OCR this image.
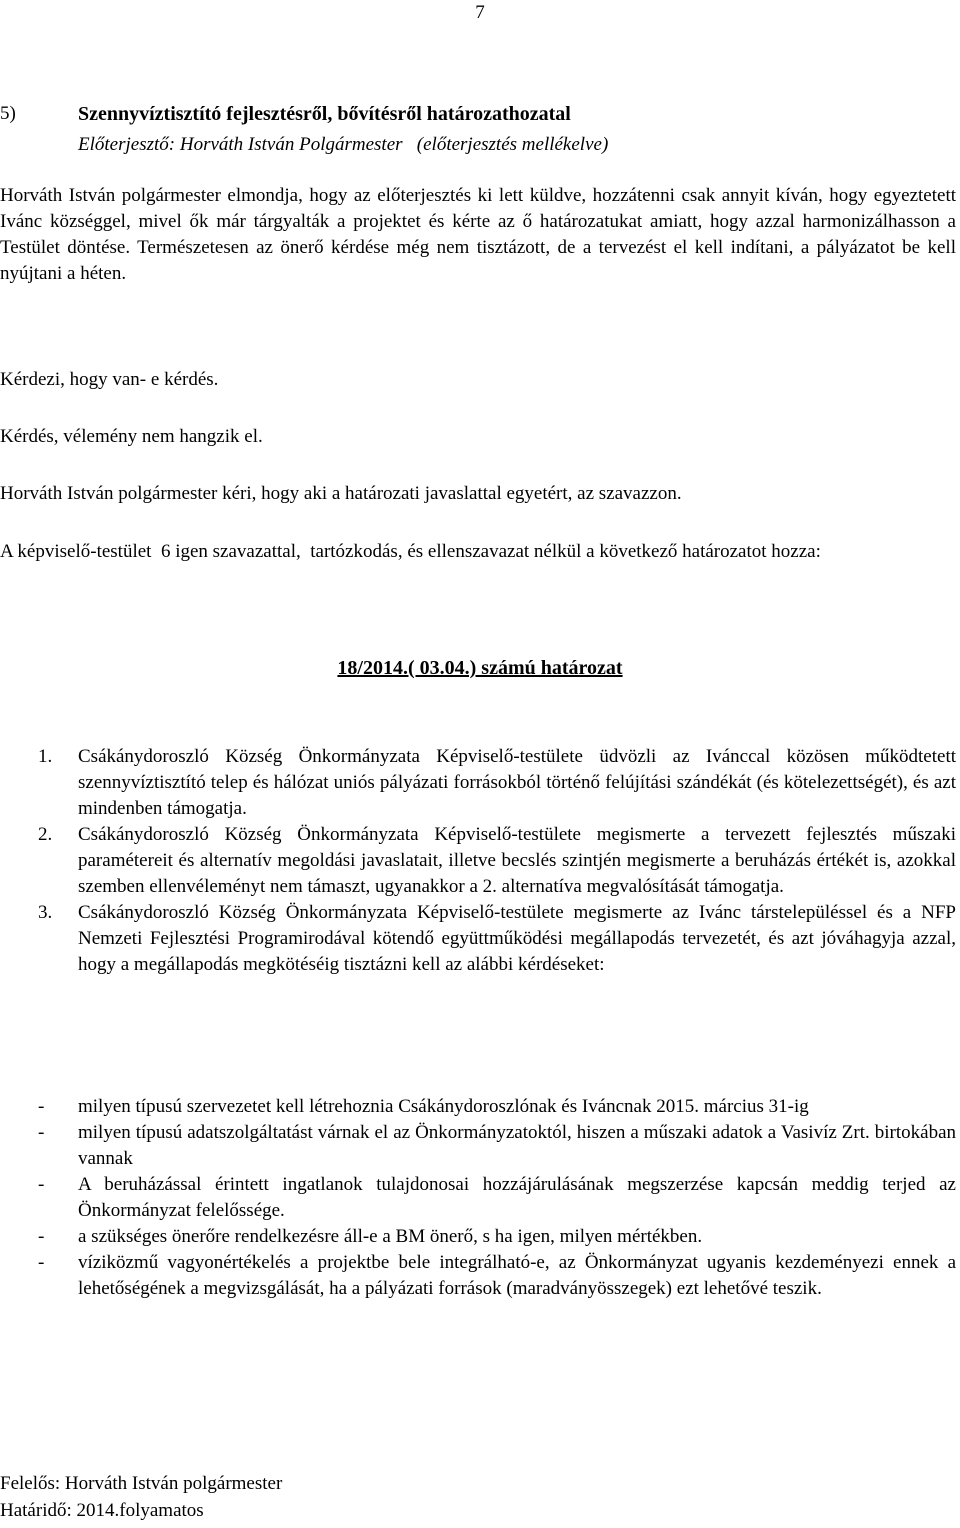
7
5)	Szennyvíztisztító fejlesztésről, bővítésről határozathozatal
Előterjesztő: Horváth István Polgármester   (előterjesztés mellékelve)
Horváth István polgármester elmondja, hogy az előterjesztés ki lett küldve, hozzátenni csak annyit kíván, hogy egyeztetett Ivánc községgel, mivel ők már tárgyalták a projektet és kérte az ő határozatukat amiatt, hogy azzal harmonizálhasson a Testület döntése. Természetesen az önerő kérdése még nem tisztázott, de a tervezést el kell indítani, a pályázatot be kell nyújtani a héten.
Kérdezi, hogy van- e kérdés.
Kérdés, vélemény nem hangzik el.
Horváth István polgármester kéri, hogy aki a határozati javaslattal egyetért, az szavazzon.
A képviselő-testület  6 igen szavazattal,  tartózkodás, és ellenszavazat nélkül a következő határozatot hozza:
18/2014.( 03.04.) számú határozat
1. Csákánydoroszló Község Önkormányzata Képviselő-testülete üdvözli az Ivánccal közösen működtetett szennyvíztisztító telep és hálózat uniós pályázati forrásokból történő felújítási szándékát (és kötelezettségét), és azt mindenben támogatja.
2. Csákánydoroszló Község Önkormányzata Képviselő-testülete megismerte a tervezett fejlesztés műszaki paramétereit és alternatív megoldási javaslatait, illetve becslés szintjén megismerte a beruházás értékét is, azokkal szemben ellenvéleményt nem támaszt, ugyanakkor a 2. alternatíva megvalósítását támogatja.
3. Csákánydoroszló Község Önkormányzata Képviselő-testülete megismerte az Ivánc társtelepüléssel és a NFP Nemzeti Fejlesztési Programirodával kötendő együttműködési megállapodás tervezetét, és azt jóváhagyja azzal, hogy a megállapodás megkötéséig tisztázni kell az alábbi kérdéseket:
- milyen típusú szervezetet kell létrehoznia Csákánydoroszlónak és Iváncnak 2015. március 31-ig
- milyen típusú adatszolgáltatást várnak el az Önkormányzatoktól, hiszen a műszaki adatok a Vasivíz Zrt. birtokában vannak
- A beruházással érintett ingatlanok tulajdonosai hozzájárulásának megszerzése kapcsán meddig terjed az Önkormányzat felelőssége.
- a szükséges önerőre rendelkezésre áll-e a BM önerő, s ha igen, milyen mértékben.
- víziközmű vagyonértékelés a projektbe bele integrálható-e, az Önkormányzat ugyanis kezdeményezi ennek a lehetőségének a megvizsgálását, ha a pályázati források (maradványösszegek) ezt lehetővé teszik.
Felelős: Horváth István polgármester
Határidő: 2014.folyamatos
